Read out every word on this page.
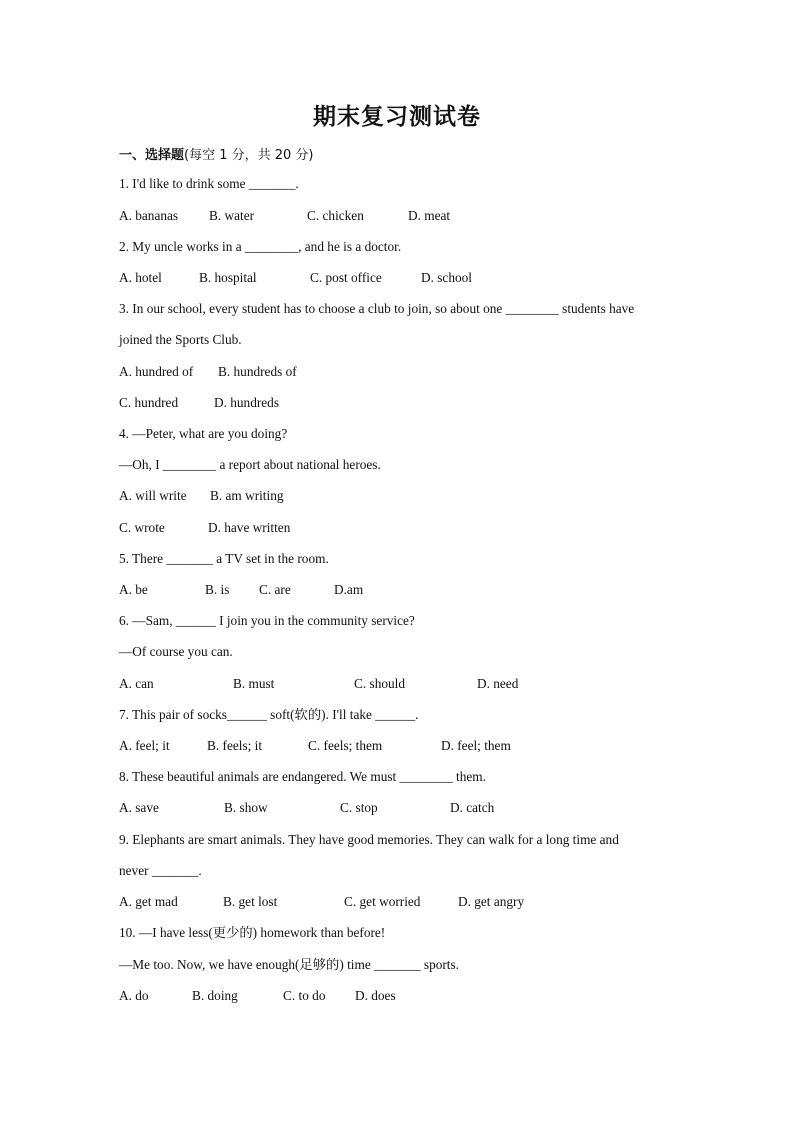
期末复习测试卷
一、选择题(每空 1 分，共 20 分)
1. I'd like to drink some _______.
A. bananas B. water	C. chicken	D. meat
2. My uncle works in a ________, and he is a doctor.
A. hotel	B. hospital	C. post office	D. school
3. In our school, every student has to choose a club to join, so about one ________ students have
joined the Sports Club.
A. hundred of B. hundreds of
C. hundred	D. hundreds
4. —Peter, what are you doing?
—Oh, I ________ a report about national heroes.
A. will write B. am writing
C. wrote	D. have written
5. There _______ a TV set in the room.
A. be	B. is C. are	D.am
6. —Sam, ______ I join you in the community service?
—Of course you can.
A. can	B. must	C. should	D. need
7. This pair of socks______ soft(软的). I'll take ______.
A. feel; it	B. feels; it	C. feels; them	D. feel; them
8. These beautiful animals are endangered. We must ________ them.
A. save	B. show	C. stop	D. catch
9. Elephants are smart animals. They have good memories. They can walk for a long time and
never _______.
A. get mad	B. get lost	C. get worried	D. get angry
10. —I have less(更少的) homework than before!
—Me too. Now, we have enough(足够的) time _______ sports.
A. do	B. doing	C. to do D. does
